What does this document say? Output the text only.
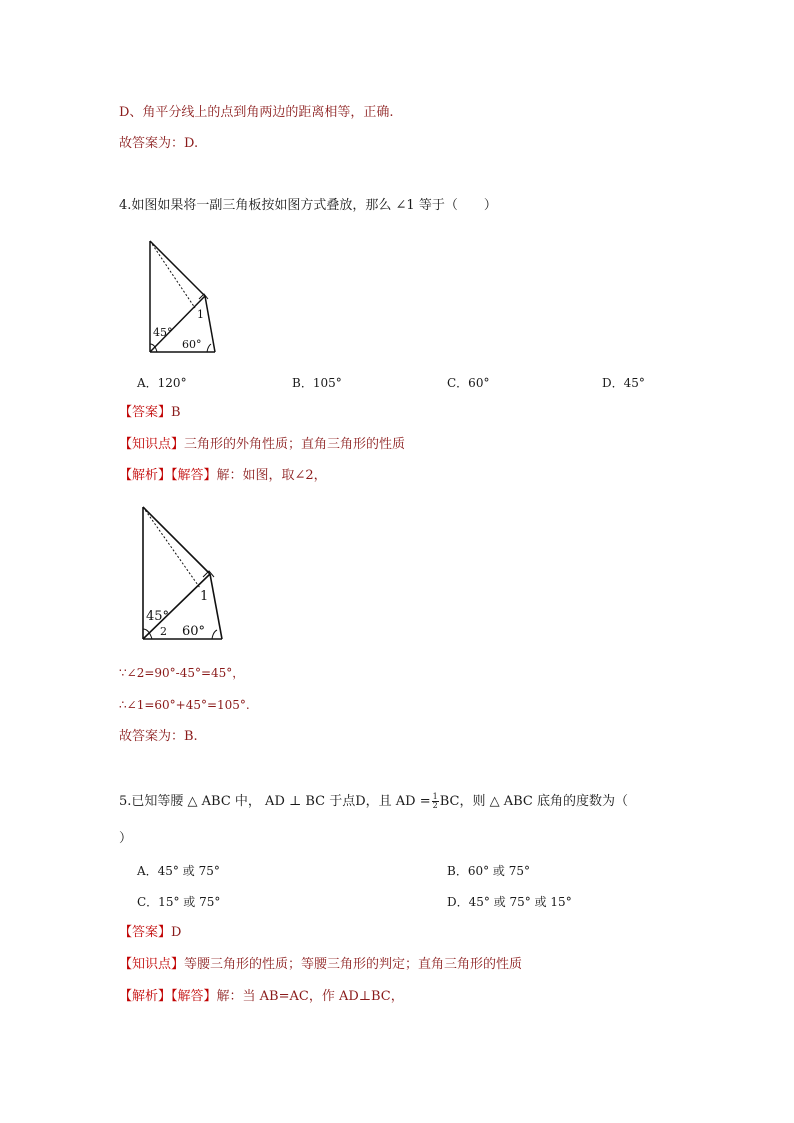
D、角平分线上的点到角两边的距离相等，正确.
故答案为：D.
4.如图如果将一副三角板按如图方式叠放，那么 ∠1 等于（　　）
45°
60°
1
A．120°	B．105°	C．60°	D．45°
【答案】B
【知识点】三角形的外角性质；直角三角形的性质
【解析】【解答】解：如图，取∠2，
45°
2 60°
1
∵∠2=90°-45°=45°，
∴∠1=60°+45°=105°.
故答案为：B.
5.已知等腰 △ ABC 中， AD ⊥ BC 于点D，且 AD = $\frac{1}{2}$ BC，则 △ ABC 底角的度数为（
）
A．45° 或 75°	B．60° 或 75°
C．15° 或 75°	D．45° 或 75° 或 15°
【答案】D
【知识点】等腰三角形的性质；等腰三角形的判定；直角三角形的性质
【解析】【解答】解：当 AB=AC，作 AD⊥BC，
